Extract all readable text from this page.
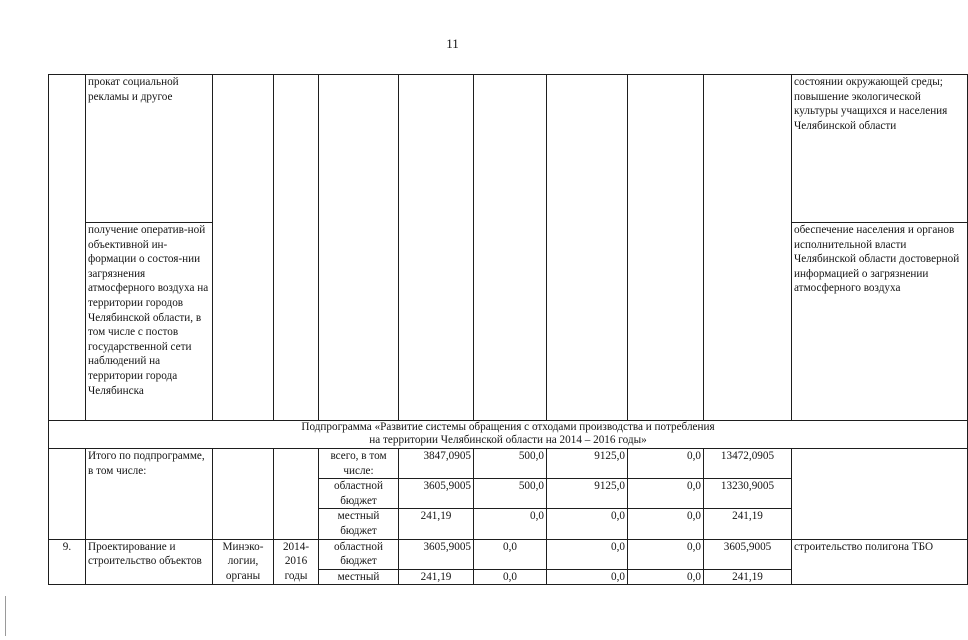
11
	прокат социальной рекламы и другое									состоянии окружающей среды; повышение экологической культуры учащихся и населения Челябинской области
	получение оператив-ной объективной ин-формации о состоя-нии загрязнения атмосферного воздуха на территории городов Челябинской области, в том числе с постов государственной сети наблюдений на территории города Челябинска									обеспечение населения и органов исполнительной власти Челябинской области достоверной информацией о загрязнении атмосферного воздуха

Подпрограмма «Развитие системы обращения с отходами производства и потребления
на территории Челябинской области на 2014 – 2016 годы»										

	Итого по подпрограмме, в том числе:			всего, в том числе:	3847,0905	500,0	9125,0	0,0	13472,0905	
				областной бюджет	3605,9005	500,0	9125,0	0,0	13230,9005	
				местный бюджет	241,19	0,0	0,0	0,0	241,19	
9.	Проектирование и строительство объектов	Минэко-логии, органы	2014-2016 годы	областной бюджет	3605,9005	0,0	0,0	0,0	3605,9005	строительство полигона ТБО
				местный	241,19	0,0	0,0	0,0	241,19	
